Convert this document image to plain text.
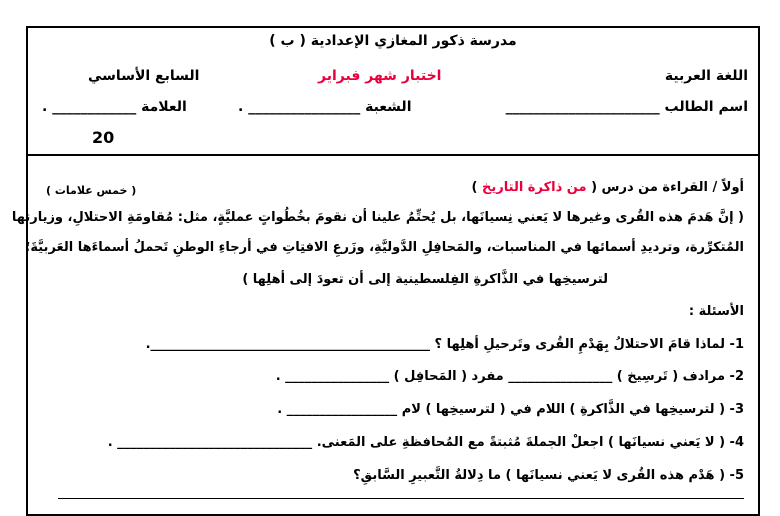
مدرسة ذكور المغازي الإعدادية ( ب )
اللغة العربية
اختبار شهر فبراير
السابع الأساسي
اسم الطالب ______________________
الشعبة ________________ .
العلامة ____________ .
20
أولاً / القراءة من درس ( من ذاكرة التاريخ )
( خمس علامات )
( إنَّ هَدمَ هذه القُرى وغيرها لا يَعني نِسيانَها، بل يُحتِّمُ علينا أن نقومَ بخُطُواتٍ عمليَّةٍ، مثل: مُقاومَةِ الاحتلالِ، وزيارتها
المُتكرِّرة، وترديدِ أسمائها في المناسبات، والمَحافِلِ الدَّوليَّةِ، وزَرعِ الافتِاتِ في أرجاءِ الوطنِ تَحملُ أسماءَها العَربيَّةَ؛
لترسيخِها في الذَّاكرةِ الفِلسطينية إلى أن تعودَ إلى أهلِها )
الأسئلة :
1- لماذا قامَ الاحتلالُ بِهَدْمِ القُرى وتَرحيلِ أهلِها ؟ ___________________________________________.
2- مرادف ( تَرسِيخ ) ________________ مفرد ( المَحافِل ) ________________ .
3- ( لترسيخِها في الذَّاكرةِ ) اللام في ( لترسيخِها ) لام _________________ .
4- ( لا يَعني نسيانَها ) اجعلْ الجملةَ مُثبتةً مع المُحافظةِ على المَعنى. ______________________________ .
5- ( هَدْم هذه القُرى لا يَعني نسيانَها ) ما دِلالةُ التَّعبيرِ السَّابقِ؟
